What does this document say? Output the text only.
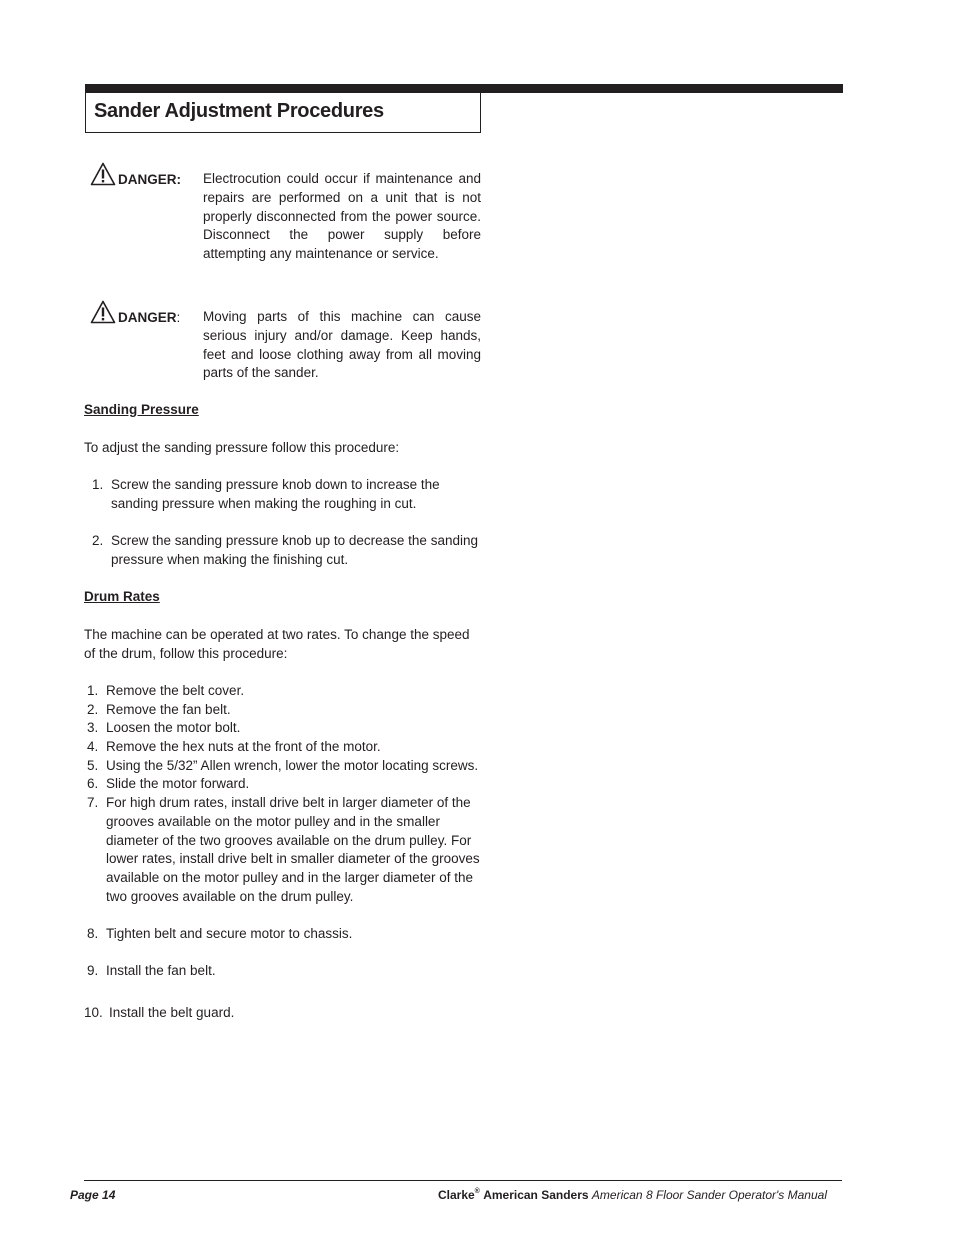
Sander Adjustment Procedures
DANGER: Electrocution could occur if maintenance and repairs are performed on a unit that is not properly disconnected from the power source. Disconnect the power supply before attempting any maintenance or service.

DANGER: Moving parts of this machine can cause serious injury and/or damage. Keep hands, feet and loose clothing away from all moving parts of the sander.

Sanding Pressure

To adjust the sanding pressure follow this procedure:

1. Screw the sanding pressure knob down to increase the sanding pressure when making the roughing in cut.
2. Screw the sanding pressure knob up to decrease the sanding pressure when making the finishing cut.
Drum Rates

The machine can be operated at two rates. To change the speed of the drum, follow this procedure:

1. Remove the belt cover.
2. Remove the fan belt.
3. Loosen the motor bolt.
4. Remove the hex nuts at the front of the motor.
5. Using the 5/32” Allen wrench, lower the motor locating screws.
6. Slide the motor forward.
7. For high drum rates, install drive belt in larger diameter of the grooves available on the motor pulley and in the smaller diameter of the two grooves available on the drum pulley. For lower rates, install drive belt in smaller diameter of the grooves available on the motor pulley and in the larger diameter of the two grooves available on the drum pulley.
8. Tighten belt and secure motor to chassis.
9. Install the fan belt.
10. Install the belt guard.
Page 14	Clarke® American Sanders American 8 Floor Sander Operator's Manual
